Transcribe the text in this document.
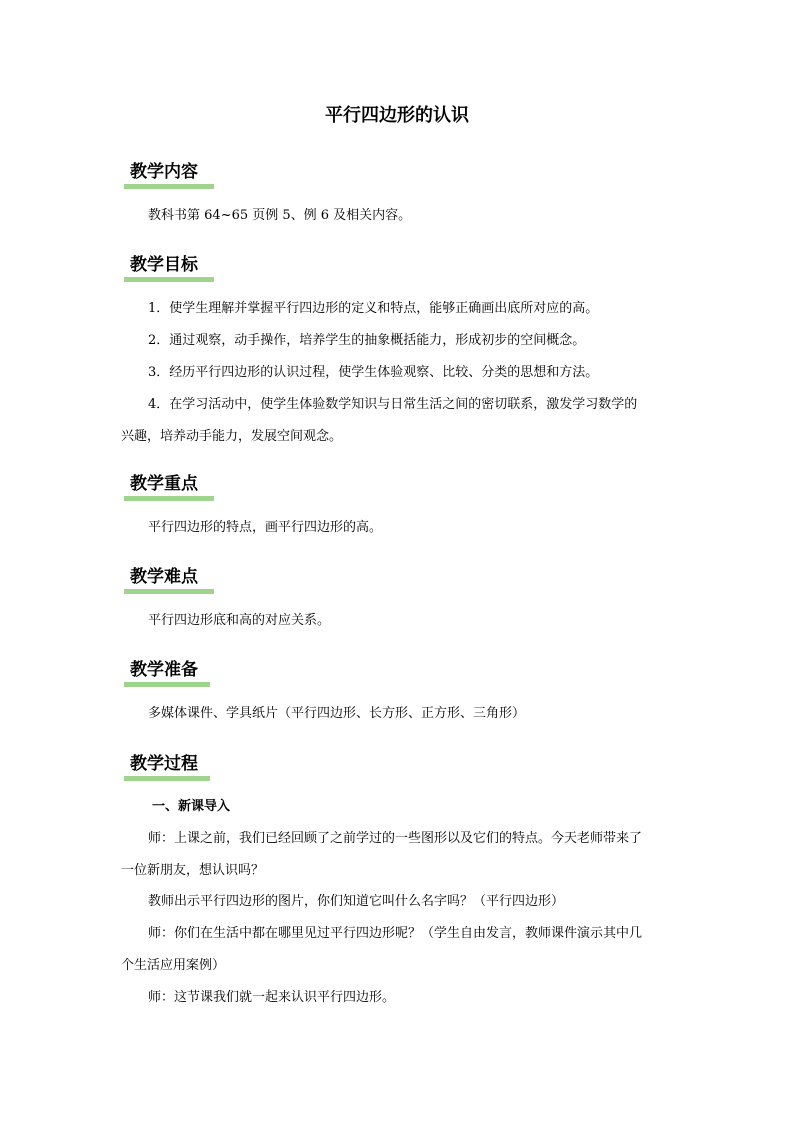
平行四边形的认识
教学内容
教科书第 64~65 页例 5、例 6 及相关内容。
教学目标
1．使学生理解并掌握平行四边形的定义和特点，能够正确画出底所对应的高。
2．通过观察，动手操作，培养学生的抽象概括能力，形成初步的空间概念。
3．经历平行四边形的认识过程，使学生体验观察、比较、分类的思想和方法。
4．在学习活动中，使学生体验数学知识与日常生活之间的密切联系，激发学习数学的
兴趣，培养动手能力，发展空间观念。
教学重点
平行四边形的特点，画平行四边形的高。
教学难点
平行四边形底和高的对应关系。
教学准备
多媒体课件、学具纸片（平行四边形、长方形、正方形、三角形）
教学过程
一、新课导入
师：上课之前，我们已经回顾了之前学过的一些图形以及它们的特点。今天老师带来了
一位新朋友，想认识吗？
教师出示平行四边形的图片，你们知道它叫什么名字吗？（平行四边形）
师：你们在生活中都在哪里见过平行四边形呢？（学生自由发言，教师课件演示其中几
个生活应用案例）
师：这节课我们就一起来认识平行四边形。
